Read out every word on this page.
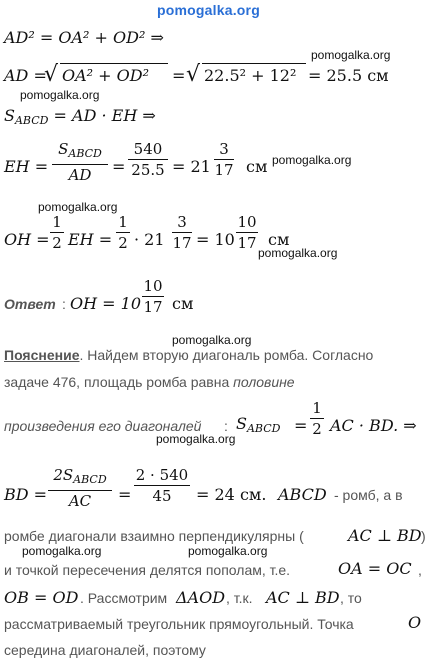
pomogalka.org
AD² = OA² + OD² ⇒
pomogalka.org
AD =
√ OA² + OD² = √ 22.5² + 12² = 25.5 см
pomogalka.org
$S_{ABCD}$ = AD · EH ⇒
EH =
$S_{ABCD}$
AD	=
540
25.5 = 21
3
17 см pomogalka.org
pomogalka.org
OH =
1
2 EH =
1
2 · 21
3
17 = 10
10
17 см
pomogalka.org
Ответ : OH = 10
10
17 см
pomogalka.org
Пояснение. Найдем вторую диагональ ромба. Согласно
задаче 476, площадь ромба равна половине
произведения его диагоналей : $S_{ABCD}$ =
1
2 AC · BD. ⇒
pomogalka.org
BD =
$2S_{ABCD}$
AC	=
2 · 540
45	= 24 см. ABCD - ромб, а в
ромбе диагонали взаимно перпендикулярны (	AC ⊥ BD )
pomogalka.org	pomogalka.org
и точкой пересечения делятся пополам, т.е.	OA = OC ,
OB = OD . Рассмотрим ΔAOD , т.к. AC ⊥ BD , то
рассматриваемый треугольник прямоугольный. Точка	O
середина диагоналей, поэтому
